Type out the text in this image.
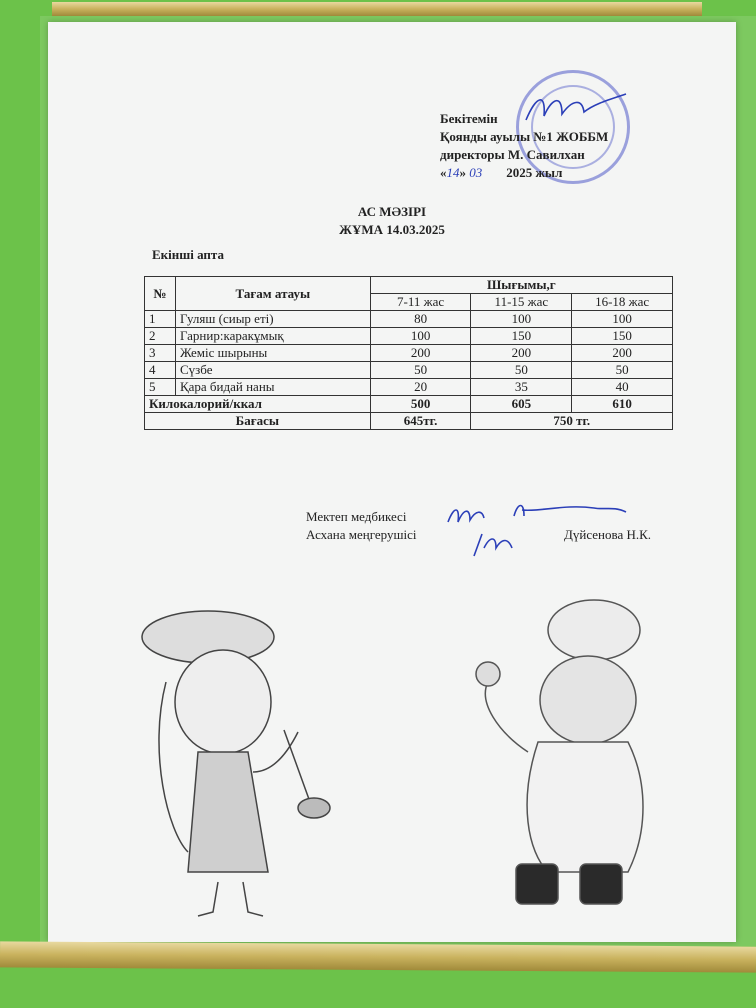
Бекітемін
Қоянды ауылы №1 ЖОББМ
директоры М. Савилхан
«14» 03 2025 жыл
АС МӘЗІРІ
ЖҰМА 14.03.2025
Екінші апта
№	Тағам атауы	Шығымы,г		
		7-11 жас	11-15 жас	16-18 жас
1	Гуляш (сиыр еті)	80	100	100
2	Гарнир:каракұмық	100	150	150
3	Жеміс шырыны	200	200	200
4	Сүзбе	50	50	50
5	Қара бидай наны	20	35	40
Килокалорий/ккал		500	605	610
Бағасы		645тг.	750 тг.	
Мектеп медбикесі
Асхана меңгерушісі	Дүйсенова Н.К.
